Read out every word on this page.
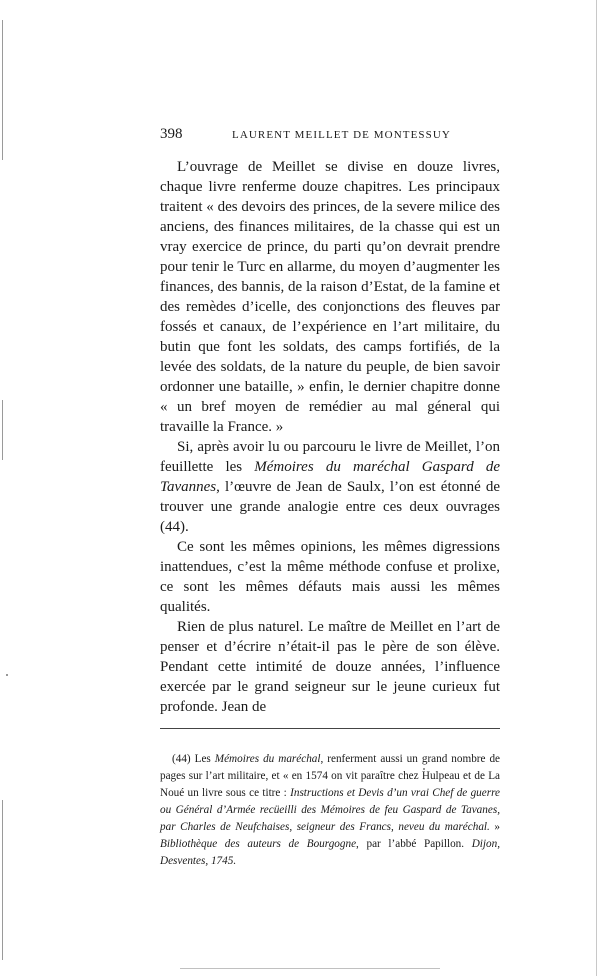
398	LAURENT MEILLET DE MONTESSUY

L’ouvrage de Meillet se divise en douze livres, chaque livre renferme douze chapitres. Les principaux traitent « des devoirs des princes, de la severe milice des anciens, des finances militaires, de la chasse qui est un vray exercice de prince, du parti qu’on devrait prendre pour tenir le Turc en allarme, du moyen d’augmenter les finances, des bannis, de la raison d’Estat, de la famine et des remèdes d’icelle, des conjonctions des fleuves par fossés et canaux, de l’expérience en l’art militaire, du butin que font les soldats, des camps fortifiés, de la levée des soldats, de la nature du peuple, de bien savoir ordonner une bataille, » enfin, le dernier chapitre donne « un bref moyen de remédier au mal géneral qui travaille la France. »

Si, après avoir lu ou parcouru le livre de Meillet, l’on feuillette les Mémoires du maréchal Gaspard de Tavannes, l’œuvre de Jean de Saulx, l’on est étonné de trouver une grande analogie entre ces deux ouvrages (44).

Ce sont les mêmes opinions, les mêmes digressions inattendues, c’est la même méthode confuse et prolixe, ce sont les mêmes défauts mais aussi les mêmes qualités.

Rien de plus naturel. Le maître de Meillet en l’art de penser et d’écrire n’était-il pas le père de son élève. Pendant cette intimité de douze années, l’influence exercée par le grand seigneur sur le jeune curieux fut profonde. Jean de

(44) Les Mémoires du maréchal, renferment aussi un grand nombre de pages sur l’art militaire, et « en 1574 on vit paraître chez Hulpeau et de La Noué un livre sous ce titre : Instructions et Devis d’un vrai Chef de guerre ou Général d’Armée recüeilli des Mémoires de feu Gaspard de Tavanes, par Charles de Neufchaises, seigneur des Francs, neveu du maréchal. » Bibliothèque des auteurs de Bourgogne, par l’abbé Papillon. Dijon, Desventes, 1745.
